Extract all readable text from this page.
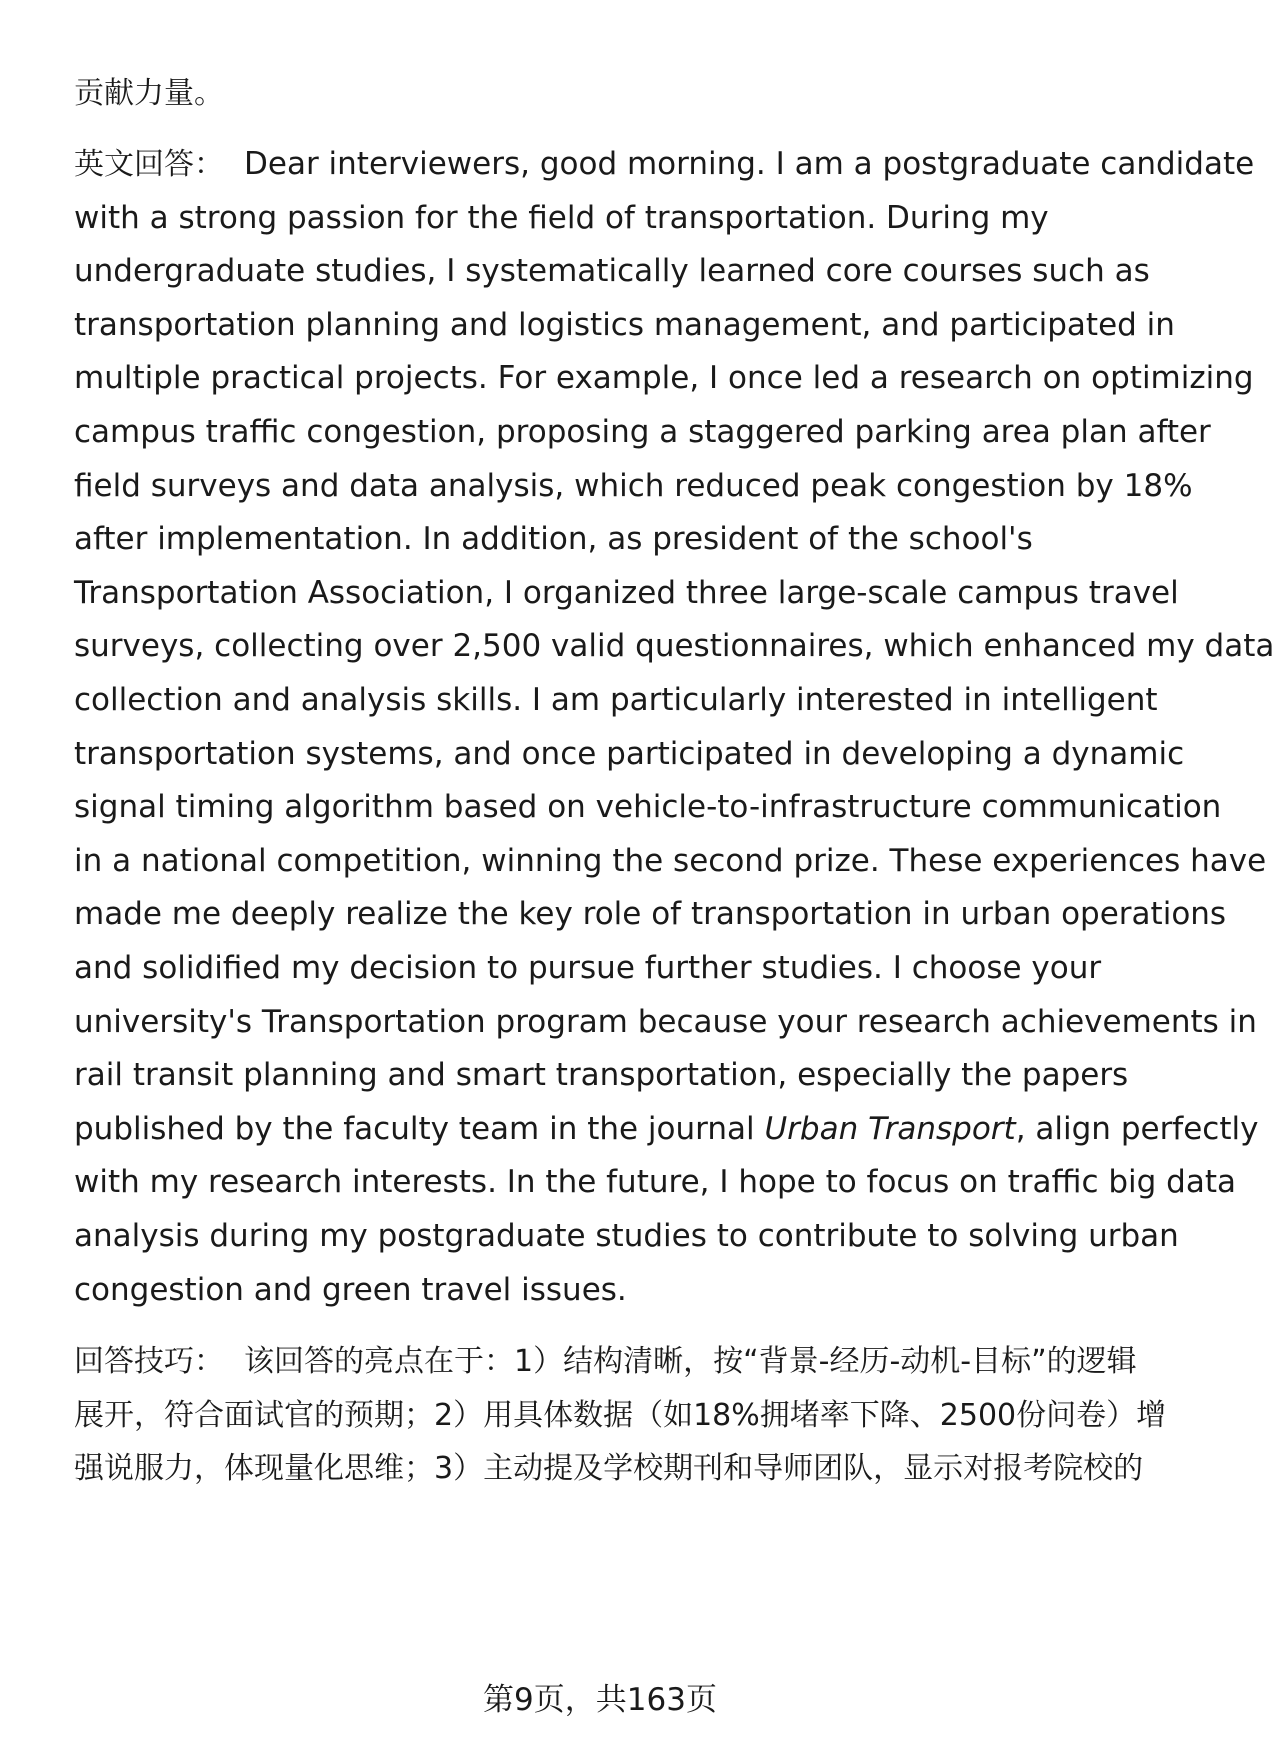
贡献力量。
英文回答： Dear interviewers, good morning. I am a postgraduate candidate
with a strong passion for the field of transportation. During my
undergraduate studies, I systematically learned core courses such as
transportation planning and logistics management, and participated in
multiple practical projects. For example, I once led a research on optimizing
campus traffic congestion, proposing a staggered parking area plan after
field surveys and data analysis, which reduced peak congestion by 18%
after implementation. In addition, as president of the school's
Transportation Association, I organized three large-scale campus travel
surveys, collecting over 2,500 valid questionnaires, which enhanced my data
collection and analysis skills. I am particularly interested in intelligent
transportation systems, and once participated in developing a dynamic
signal timing algorithm based on vehicle-to-infrastructure communication
in a national competition, winning the second prize. These experiences have
made me deeply realize the key role of transportation in urban operations
and solidified my decision to pursue further studies. I choose your
university's Transportation program because your research achievements in
rail transit planning and smart transportation, especially the papers
published by the faculty team in the journal Urban Transport, align perfectly
with my research interests. In the future, I hope to focus on traffic big data
analysis during my postgraduate studies to contribute to solving urban
congestion and green travel issues.
回答技巧： 该回答的亮点在于：1）结构清晰，按“背景-经历-动机-目标”的逻辑
展开，符合面试官的预期；2）用具体数据（如18%拥堵率下降、2500份问卷）增
强说服力，体现量化思维；3）主动提及学校期刊和导师团队，显示对报考院校的
第9页，共163页
